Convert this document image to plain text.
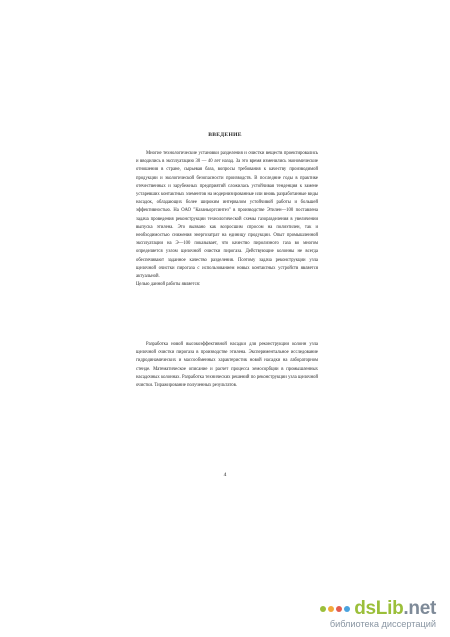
ВВЕДЕНИЕ

Многие технологические установки разделения и очистки веществ проектировались и вводились в эксплуатацию 30 — 40 лет назад. За это время изменились экономические отношения в стране, сырьевая база, вопросы требования к качеству производимой продукции и экологической безопасности производств. В последние годы в практике отечественных и зарубежных предприятий сложилась устойчивая тенденция к замене устаревших контактных элементов на модернизированные или вновь разработанные виды насадок, обладающих более широким интервалом устойчивой работы и большей эффективностью. На ОАО "Казаньоргсинтез" в производстве Этилен—100 поставлена задача проведения реконструкции технологической схемы газоразделения в увеличении выпуска этилена. Это вызвано как возросшим спросом на полиэтилен, так и необходимостью снижения энергозатрат на единицу продукции. Опыт промышленной эксплуатации на Э—100 показывает, что качество пиролизного газа во многом определяется узлом щелочной очистки пирогаза. Действующие колонны не всегда обеспечивают заданное качество разделения. Поэтому задача реконструкции узла щелочной очистки пирогаза с использованием новых контактных устройств является актуальной.

Целью данной работы является:

Разработка новой высокоэффективной насадки для реконструкции колонн узла щелочной очистки пирогаза в производстве этилена. Экспериментальное исследование гидродинамических и массообменных характеристик новой насадки на лабораторном стенде. Математическое описание и расчет процесса хемосорбции в промышленных насадочных колоннах. Разработка технических решений по реконструкции узла щелочной очистки. Тиражирование полученных результатов.

4
dsLib.net
библиотека диссертаций
